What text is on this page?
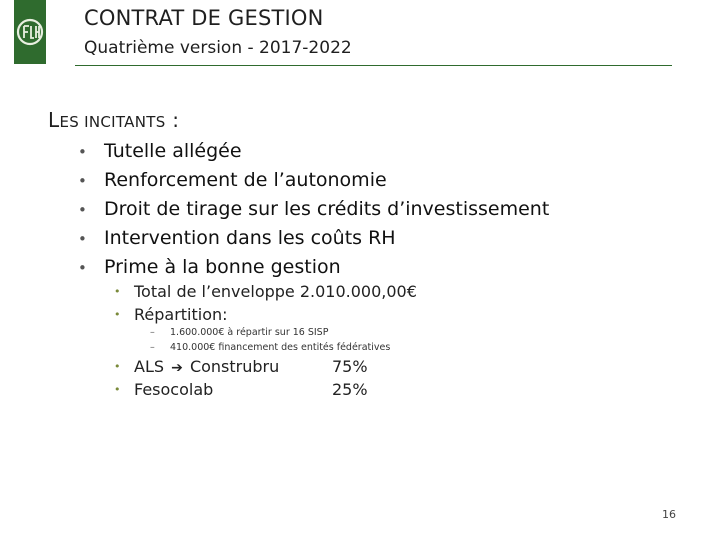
CONTRAT DE GESTION
Quatrième version - 2017-2022
LES INCITANTS :
• Tutelle allégée
• Renforcement de l’autonomie
• Droit de tirage sur les crédits d’investissement
• Intervention dans les coûts RH
• Prime à la bonne gestion
• Total de l’enveloppe 2.010.000,00€
• Répartition:
– 1.600.000€ à répartir sur 16 SISP
– 410.000€ financement des entités fédératives
• ALS ➔ Construbru	75%
• Fesocolab	25%
16
